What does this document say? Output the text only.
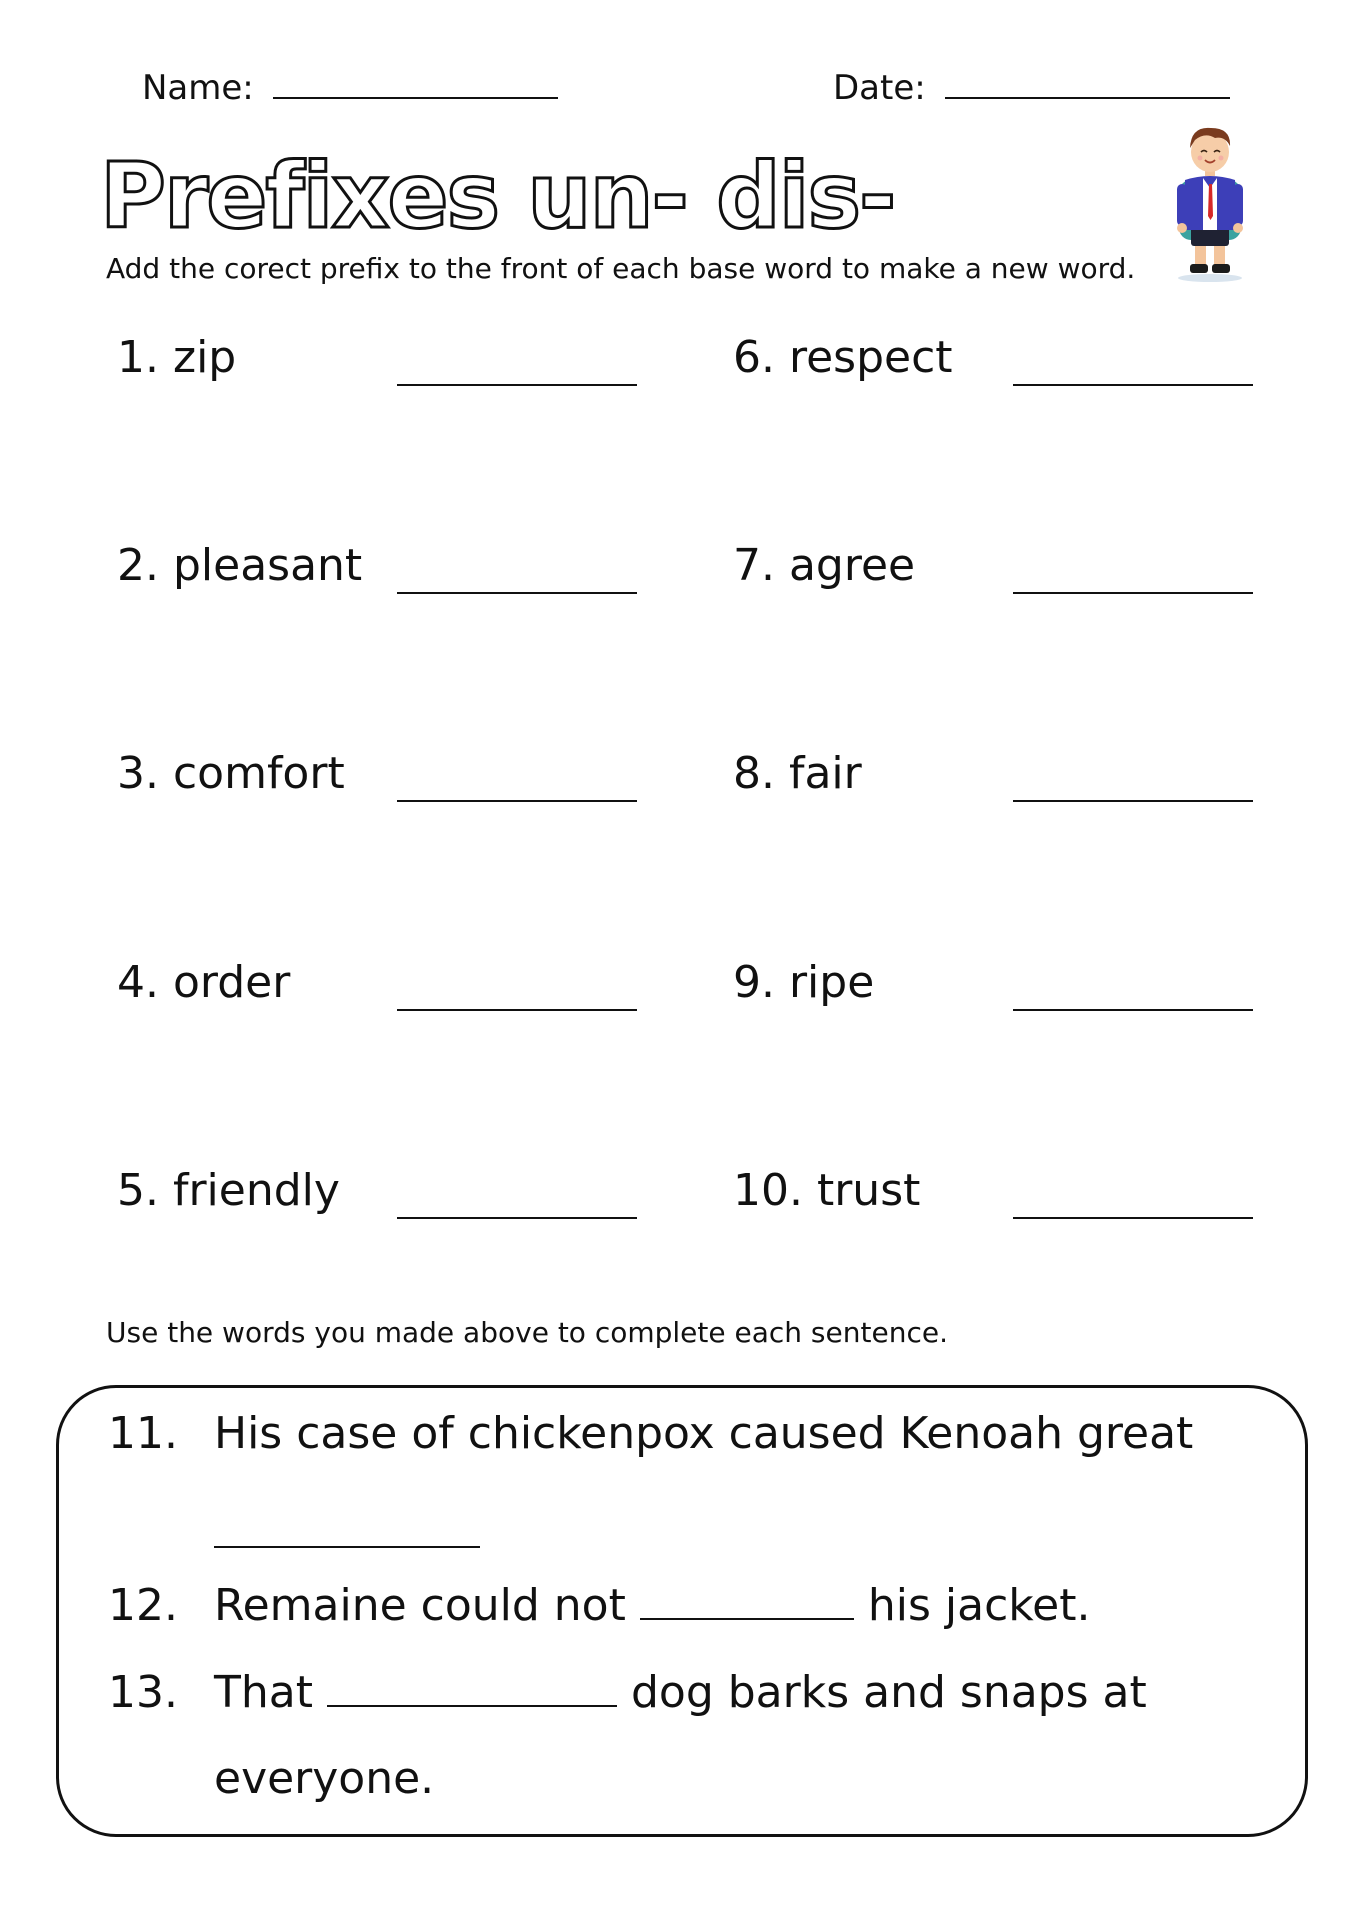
Name:	Date:
Prefixes un- dis-
Add the corect prefix to the front of each base word to make a new word.
1. zip
2. pleasant
3. comfort
4. order
5. friendly
6. respect
7. agree
8. fair
9. ripe
10. trust
Use the words you made above to complete each sentence.
11. His case of chickenpox caused Kenoah great
12. Remaine could not	his jacket.
13. That	dog barks and snaps at
everyone.
